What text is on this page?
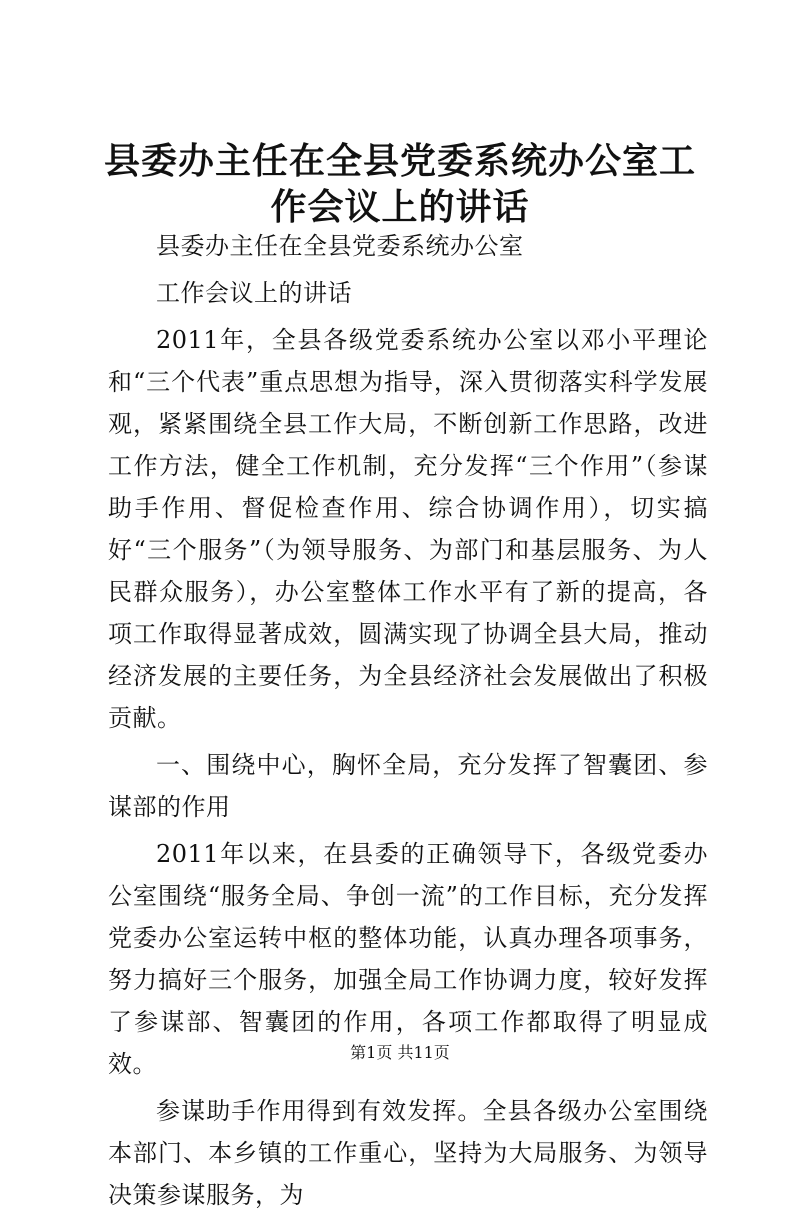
县委办主任在全县党委系统办公室工作会议上的讲话

县委办主任在全县党委系统办公室

工作会议上的讲话

2011年，全县各级党委系统办公室以邓小平理论和“三个代表”重点思想为指导，深入贯彻落实科学发展观，紧紧围绕全县工作大局，不断创新工作思路，改进工作方法，健全工作机制，充分发挥“三个作用”（参谋助手作用、督促检查作用、综合协调作用），切实搞好“三个服务”（为领导服务、为部门和基层服务、为人民群众服务），办公室整体工作水平有了新的提高，各项工作取得显著成效，圆满实现了协调全县大局，推动经济发展的主要任务，为全县经济社会发展做出了积极贡献。

一、围绕中心，胸怀全局，充分发挥了智囊团、参谋部的作用

2011年以来，在县委的正确领导下，各级党委办公室围绕“服务全局、争创一流”的工作目标，充分发挥党委办公室运转中枢的整体功能，认真办理各项事务，努力搞好三个服务，加强全局工作协调力度，较好发挥了参谋部、智囊团的作用，各项工作都取得了明显成效。

参谋助手作用得到有效发挥。全县各级办公室围绕本部门、本乡镇的工作重心，坚持为大局服务、为领导决策参谋服务，为

第1页 共11页
